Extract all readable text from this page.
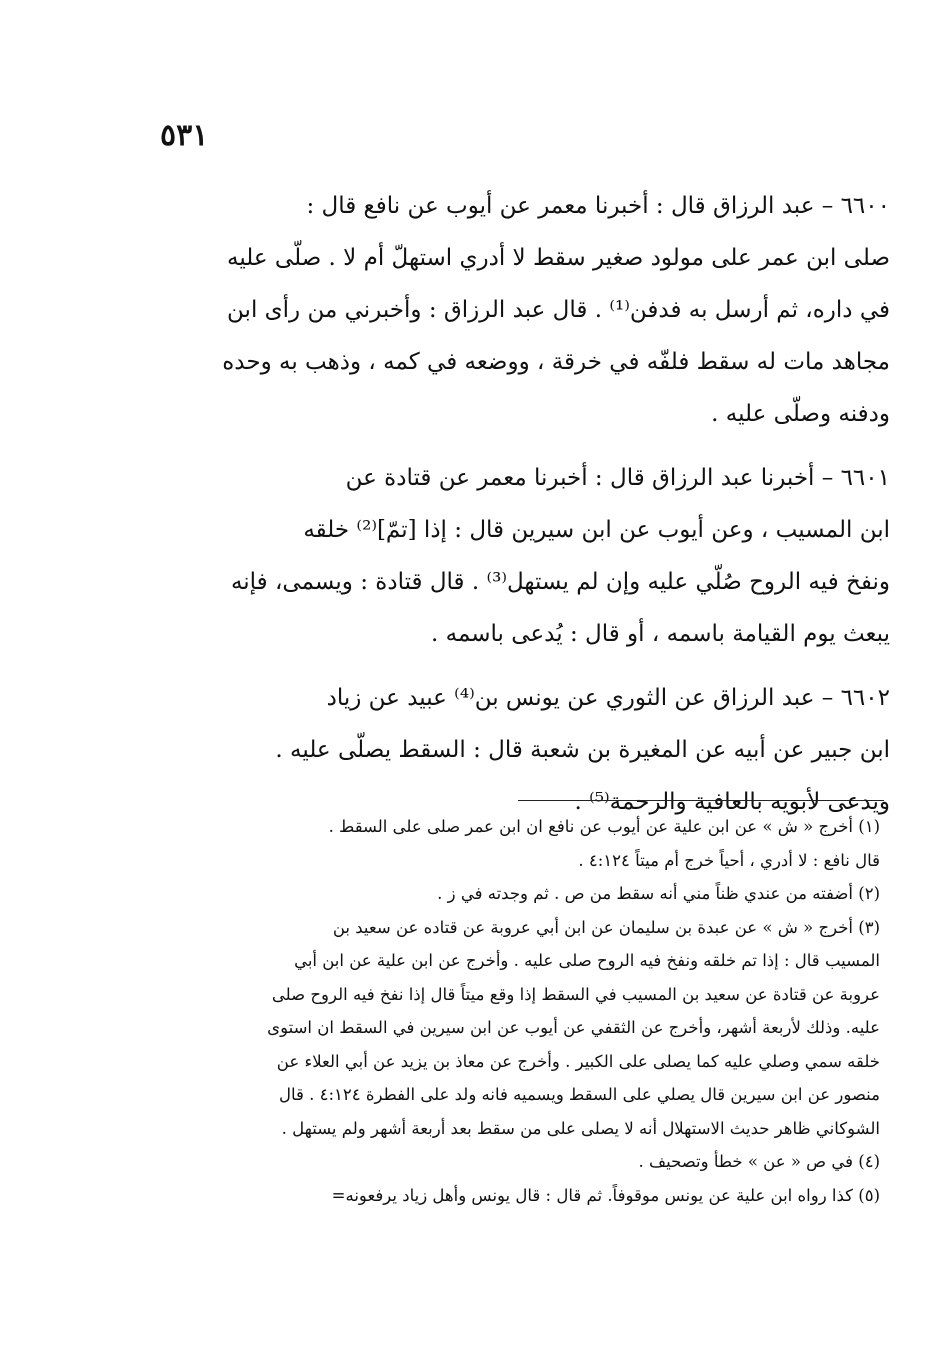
٥٣١
٦٦٠٠ – عبد الرزاق قال : أخبرنا معمر عن أيوب عن نافع قال :
صلى ابن عمر على مولود صغير سقط لا أدري استهلّ أم لا . صلّى عليه
في داره، ثم أرسل به فدفن⁽¹⁾ . قال عبد الرزاق : وأخبرني من رأى ابن
مجاهد مات له سقط فلفّه في خرقة ، ووضعه في كمه ، وذهب به وحده
ودفنه وصلّى عليه .
٦٦٠١ – أخبرنا عبد الرزاق قال : أخبرنا معمر عن قتادة عن
ابن المسيب ، وعن أيوب عن ابن سيرين قال : إذا [تمّ]⁽²⁾ خلقه
ونفخ فيه الروح صُلّي عليه وإن لم يستهل⁽³⁾ . قال قتادة : ويسمى، فإنه
يبعث يوم القيامة باسمه ، أو قال : يُدعى باسمه .
٦٦٠٢ – عبد الرزاق عن الثوري عن يونس بن⁽⁴⁾ عبيد عن زياد
ابن جبير عن أبيه عن المغيرة بن شعبة قال : السقط يصلّى عليه .
ويدعى لأبويه بالعافية والرحمة⁽⁵⁾ .
(١) أخرج « ش » عن ابن علية عن أيوب عن نافع ان ابن عمر صلى على السقط .
قال نافع : لا أدري ، أحياً خرج أم ميتاً ٤:١٢٤ .
(٢) أضفته من عندي ظناً مني أنه سقط من ص . ثم وجدته في ز .
(٣) أخرج « ش » عن عبدة بن سليمان عن ابن أبي عروبة عن قتاده عن سعيد بن
المسيب قال : إذا تم خلقه ونفخ فيه الروح صلى عليه . وأخرج عن ابن علية عن ابن أبي
عروبة عن قتادة عن سعيد بن المسيب في السقط إذا وقع ميتاً قال إذا نفخ فيه الروح صلى
عليه. وذلك لأربعة أشهر، وأخرج عن الثقفي عن أيوب عن ابن سيرين في السقط ان استوى
خلقه سمي وصلي عليه كما يصلى على الكبير . وأخرج عن معاذ بن يزيد عن أبي العلاء عن
منصور عن ابن سيرين قال يصلي على السقط ويسميه فانه ولد على الفطرة ٤:١٢٤ . قال
الشوكاني ظاهر حديث الاستهلال أنه لا يصلى على من سقط بعد أربعة أشهر ولم يستهل .
(٤) في ص « عن » خطأ وتصحيف .
(٥) كذا رواه ابن علية عن يونس موقوفاً. ثم قال : قال يونس وأهل زياد يرفعونه=
